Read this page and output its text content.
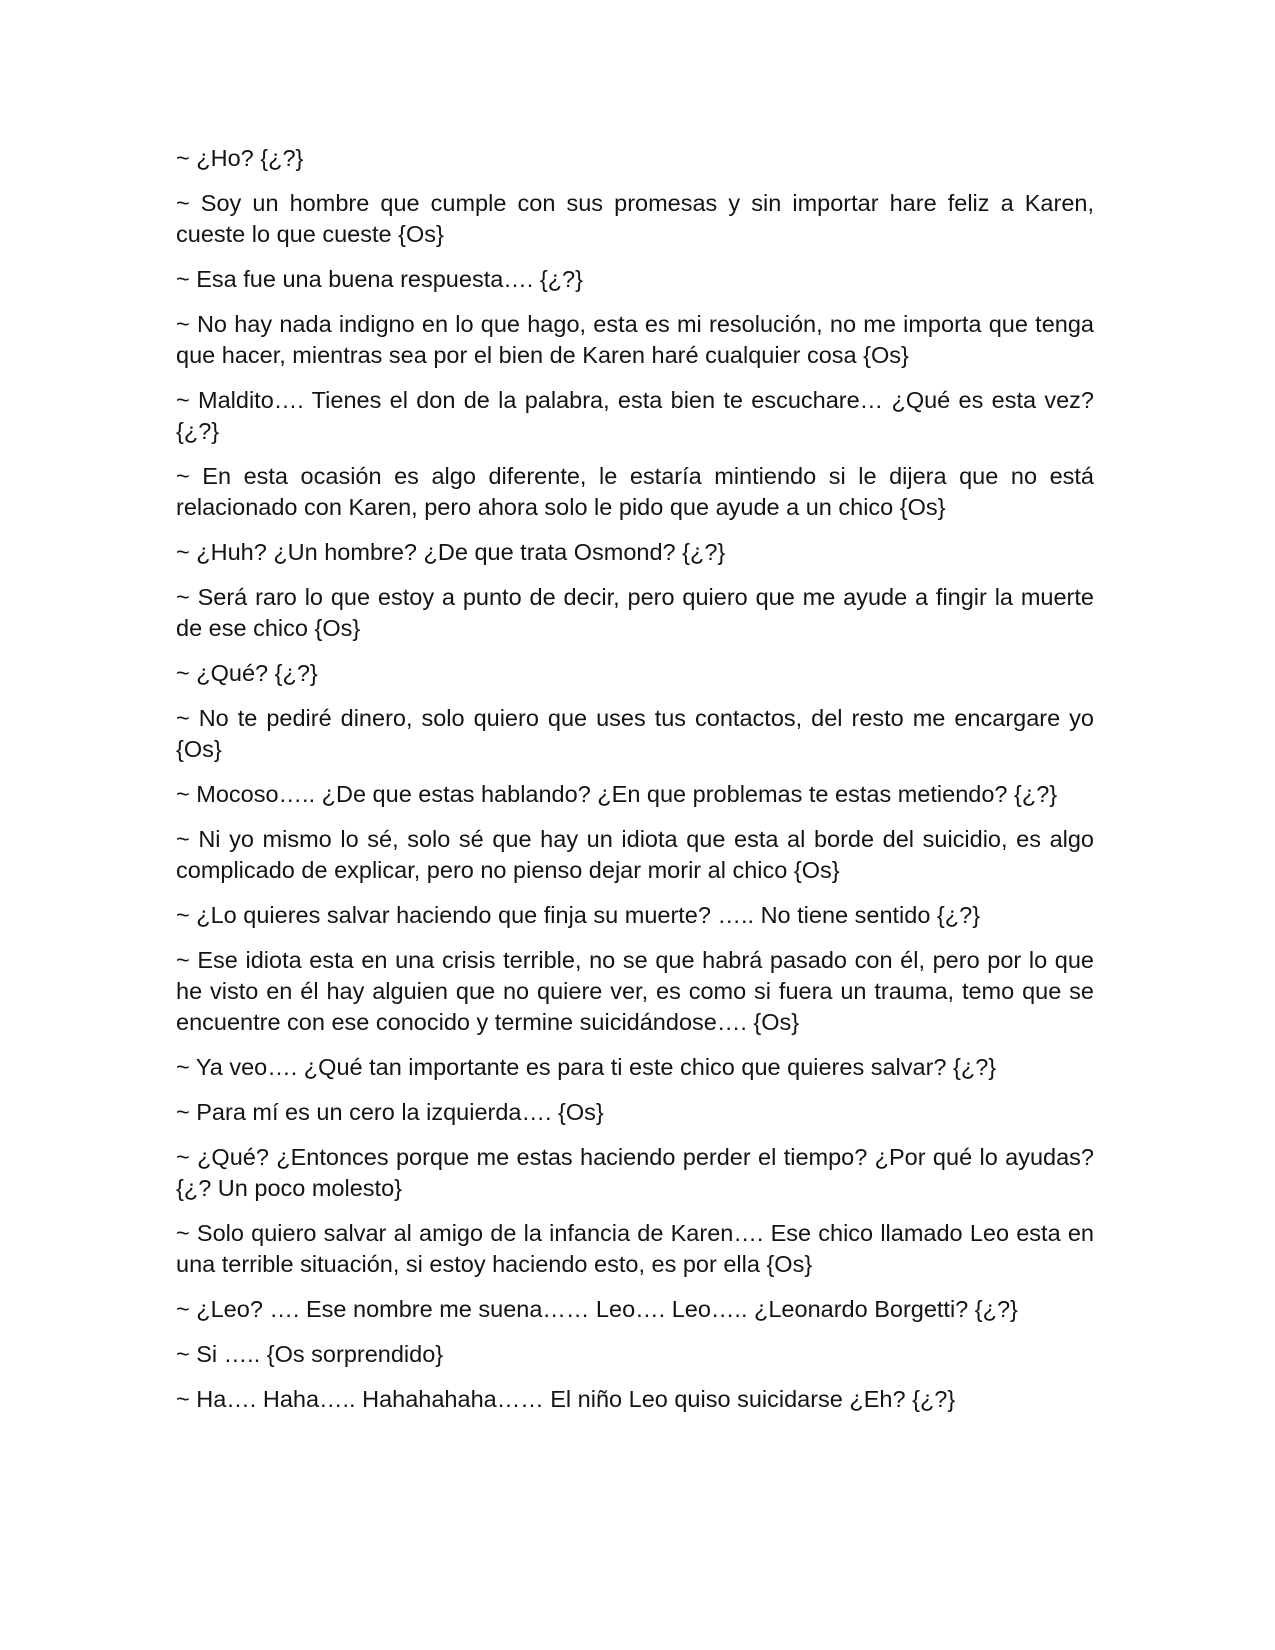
~ ¿Ho? {¿?}

~ Soy un hombre que cumple con sus promesas y sin importar hare feliz a Karen, cueste lo que cueste {Os}

~ Esa fue una buena respuesta…. {¿?}

~ No hay nada indigno en lo que hago, esta es mi resolución, no me importa que tenga que hacer, mientras sea por el bien de Karen haré cualquier cosa {Os}

~ Maldito…. Tienes el don de la palabra, esta bien te escuchare… ¿Qué es esta vez? {¿?}

~ En esta ocasión es algo diferente, le estaría mintiendo si le dijera que no está relacionado con Karen, pero ahora solo le pido que ayude a un chico {Os}

~ ¿Huh? ¿Un hombre? ¿De que trata Osmond? {¿?}

~ Será raro lo que estoy a punto de decir, pero quiero que me ayude a fingir la muerte de ese chico {Os}

~ ¿Qué? {¿?}

~ No te pediré dinero, solo quiero que uses tus contactos, del resto me encargare yo {Os}

~ Mocoso….. ¿De que estas hablando? ¿En que problemas te estas metiendo? {¿?}

~ Ni yo mismo lo sé, solo sé que hay un idiota que esta al borde del suicidio, es algo complicado de explicar, pero no pienso dejar morir al chico {Os}

~ ¿Lo quieres salvar haciendo que finja su muerte? ….. No tiene sentido {¿?}

~ Ese idiota esta en una crisis terrible, no se que habrá pasado con él, pero por lo que he visto en él hay alguien que no quiere ver, es como si fuera un trauma, temo que se encuentre con ese conocido y termine suicidándose…. {Os}

~ Ya veo…. ¿Qué tan importante es para ti este chico que quieres salvar? {¿?}

~ Para mí es un cero la izquierda…. {Os}

~ ¿Qué? ¿Entonces porque me estas haciendo perder el tiempo? ¿Por qué lo ayudas? {¿? Un poco molesto}

~ Solo quiero salvar al amigo de la infancia de Karen…. Ese chico llamado Leo esta en una terrible situación, si estoy haciendo esto, es por ella {Os}

~ ¿Leo? …. Ese nombre me suena…… Leo…. Leo….. ¿Leonardo Borgetti? {¿?}

~ Si ….. {Os sorprendido}

~ Ha…. Haha….. Hahahahaha…… El niño Leo quiso suicidarse ¿Eh? {¿?}
